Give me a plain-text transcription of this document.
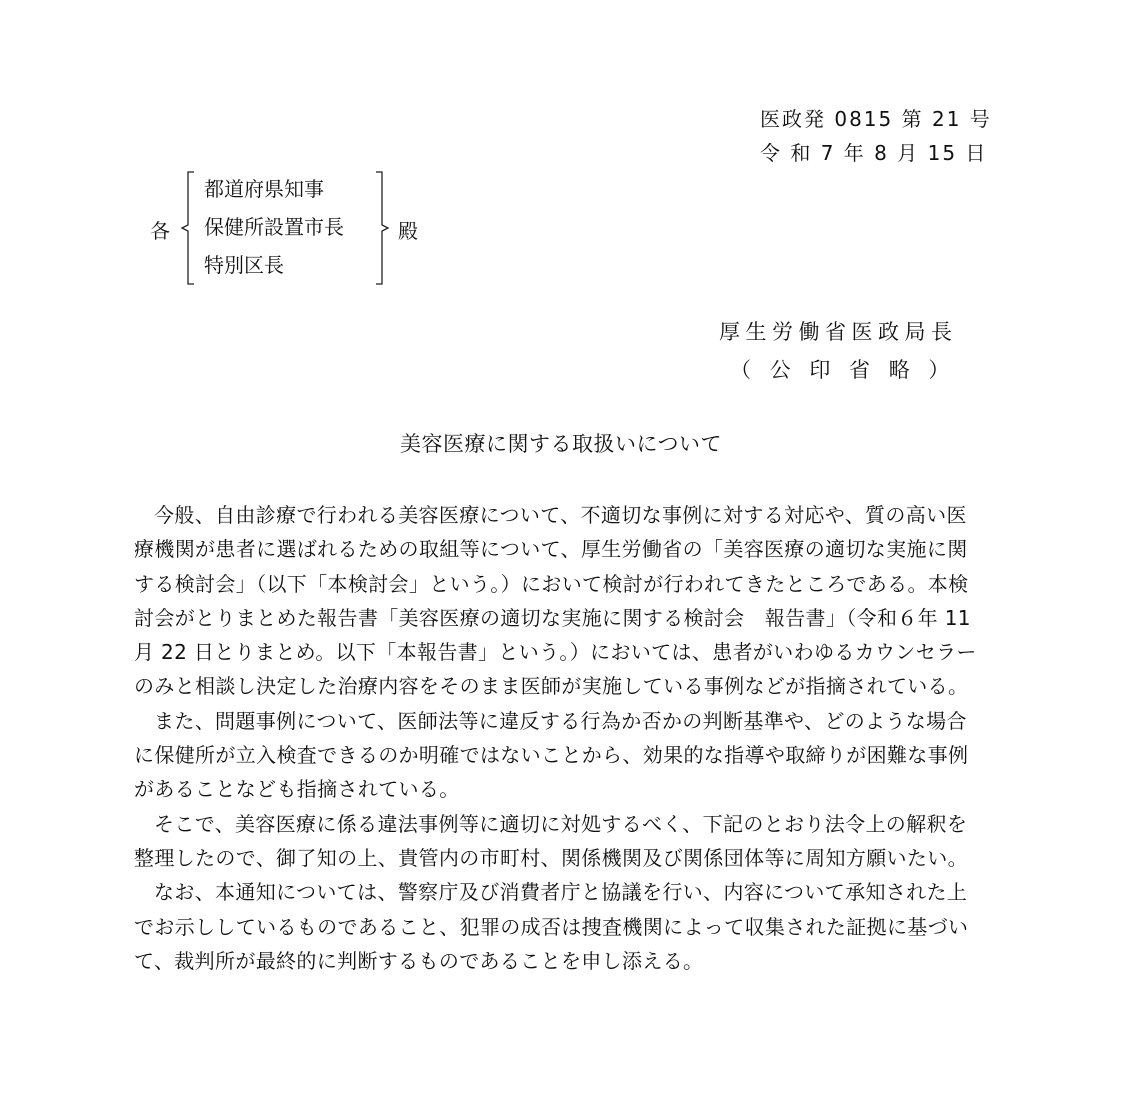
医政発 0815 第 21 号
令 和 7 年 8 月 15 日
各
都道府県知事
保健所設置市長
特別区長
殿
厚生労働省医政局長
（ 公 印 省 略 ）
美容医療に関する取扱いについて

今般、自由診療で行われる美容医療について、不適切な事例に対する対応や、質の高い医療機関が患者に選ばれるための取組等について、厚生労働省の「美容医療の適切な実施に関する検討会」（以下「本検討会」という。）において検討が行われてきたところである。本検討会がとりまとめた報告書「美容医療の適切な実施に関する検討会　報告書」（令和６年 11 月 22 日とりまとめ。以下「本報告書」という。）においては、患者がいわゆるカウンセラーのみと相談し決定した治療内容をそのまま医師が実施している事例などが指摘されている。

また、問題事例について、医師法等に違反する行為か否かの判断基準や、どのような場合に保健所が立入検査できるのか明確ではないことから、効果的な指導や取締りが困難な事例があることなども指摘されている。

そこで、美容医療に係る違法事例等に適切に対処するべく、下記のとおり法令上の解釈を整理したので、御了知の上、貴管内の市町村、関係機関及び関係団体等に周知方願いたい。

なお、本通知については、警察庁及び消費者庁と協議を行い、内容について承知された上でお示ししているものであること、犯罪の成否は捜査機関によって収集された証拠に基づいて、裁判所が最終的に判断するものであることを申し添える。
